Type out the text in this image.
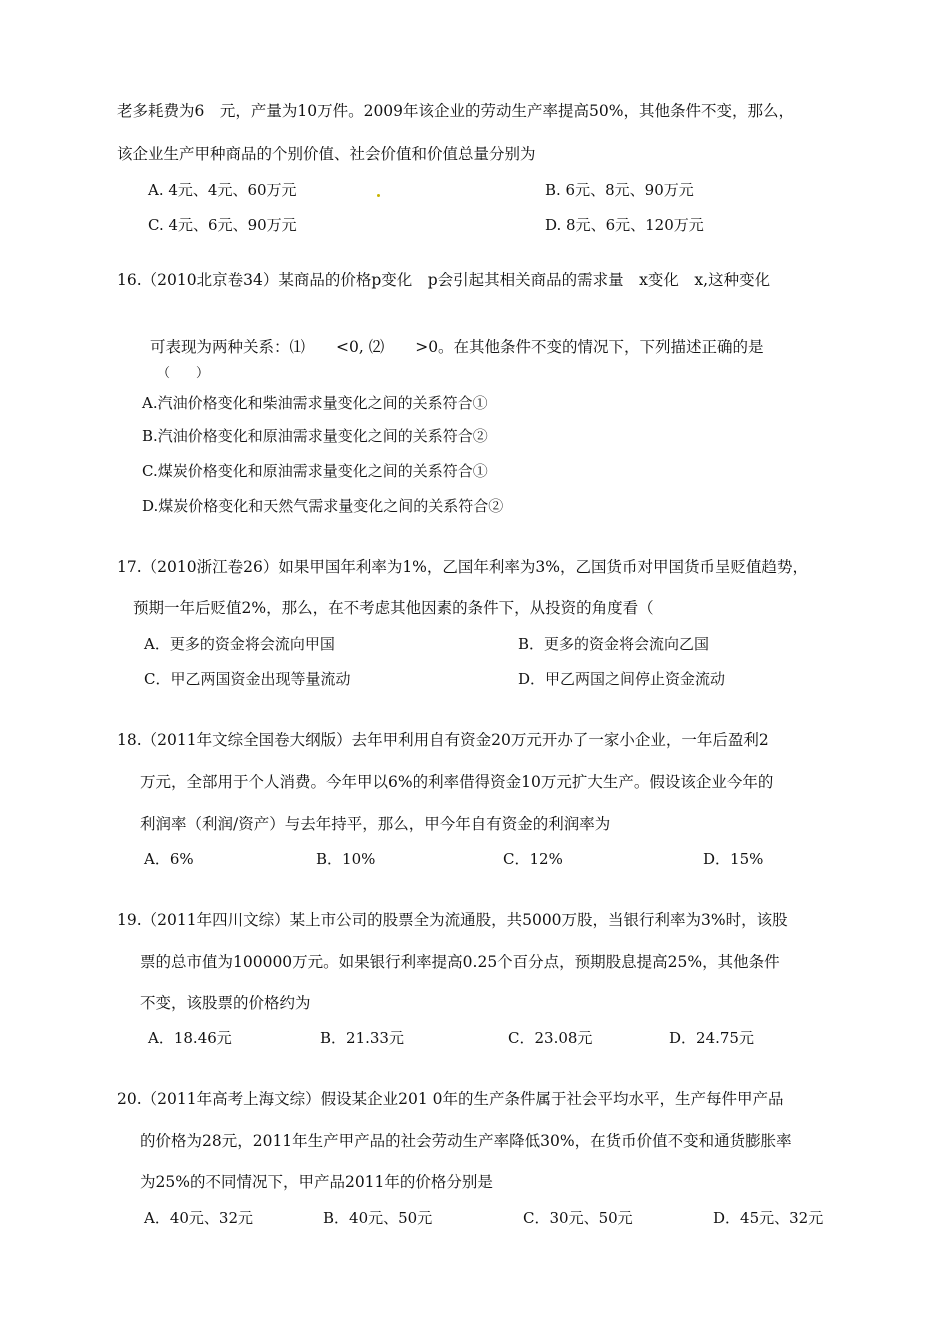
老多耗费为6　元，产量为10万件。2009年该企业的劳动生产率提高50%，其他条件不变，那么，
该企业生产甲种商品的个别价值、社会价值和价值总量分别为
A. 4元、4元、60万元	B. 6元、8元、90万元
C. 4元、6元、90万元	D. 8元、6元、120万元
16.（2010北京卷34）某商品的价格p变化　p会引起其相关商品的需求量　x变化　x,这种变化
可表现为两种关系：⑴　　<0, ⑵　　>0。在其他条件不变的情况下，下列描述正确的是
（　　）
A.汽油价格变化和柴油需求量变化之间的关系符合①
B.汽油价格变化和原油需求量变化之间的关系符合②
C.煤炭价格变化和原油需求量变化之间的关系符合①
D.煤炭价格变化和天然气需求量变化之间的关系符合②
17.（2010浙江卷26）如果甲国年利率为1%，乙国年利率为3%，乙国货币对甲国货币呈贬值趋势，
预期一年后贬值2%，那么，在不考虑其他因素的条件下，从投资的角度看（
A．更多的资金将会流向甲国	B．更多的资金将会流向乙国
C．甲乙两国资金出现等量流动	D．甲乙两国之间停止资金流动
18.（2011年文综全国卷大纲版）去年甲利用自有资金20万元开办了一家小企业，一年后盈利2
万元，全部用于个人消费。今年甲以6%的利率借得资金10万元扩大生产。假设该企业今年的
利润率（利润/资产）与去年持平，那么，甲今年自有资金的利润率为
A．6%	B．10%	C．12%	D．15%
19.（2011年四川文综）某上市公司的股票全为流通股，共5000万股，当银行利率为3%时，该股
票的总市值为100000万元。如果银行利率提高0.25个百分点，预期股息提高25%，其他条件
不变，该股票的价格约为
A．18.46元	B．21.33元	C．23.08元	D．24.75元
20.（2011年高考上海文综）假设某企业201 0年的生产条件属于社会平均水平，生产每件甲产品
的价格为28元，2011年生产甲产品的社会劳动生产率降低30%，在货币价值不变和通货膨胀率
为25%的不同情况下，甲产品2011年的价格分别是
A．40元、32元	B．40元、50元	C．30元、50元	D．45元、32元
